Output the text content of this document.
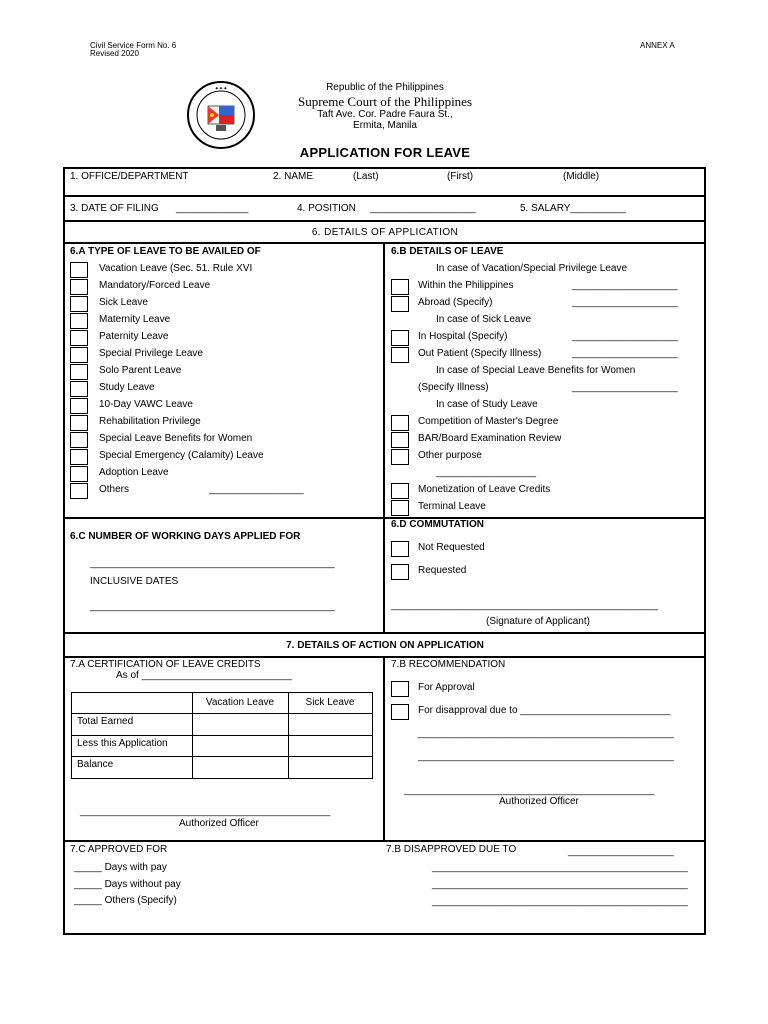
Civil Service Form No. 6
Revised 2020
ANNEX A
✦✦✦	Republic of the Philippines
Supreme Court of the Philippines
Taft Ave. Cor. Padre Faura St.,
Ermita, Manila
APPLICATION FOR LEAVE
1. OFFICE/DEPARTMENT	2. NAME	(Last)	(First)	(Middle)
3. DATE OF FILING _____________	4. POSITION ___________________	5. SALARY__________
6. DETAILS OF APPLICATION
6.A TYPE OF LEAVE TO BE AVAILED OF
Vacation Leave (Sec. 51. Rule XVI
Mandatory/Forced Leave
Sick Leave
Maternity Leave
Paternity Leave
Special Privilege Leave
Solo Parent Leave
Study Leave
10-Day VAWC Leave
Rehabilitation Privilege
Special Leave Benefits for Women
Special Emergency (Calamity) Leave
Adoption Leave
Others	_________________
6.B DETAILS OF LEAVE
In case of Vacation/Special Privilege Leave
Within the Philippines	___________________
Abroad (Specify)	___________________
In case of Sick Leave
In Hospital (Specify)	___________________
Out Patient (Specify Illness)	___________________
In case of Special Leave Benefits for Women
(Specify Illness)	___________________
In case of Study Leave
Competition of Master's Degree
BAR/Board Examination Review
Other purpose
__________________
Monetization of Leave Credits
Terminal Leave
6.C NUMBER OF WORKING DAYS APPLIED FOR
____________________________________________
INCLUSIVE DATES
____________________________________________
6.D COMMUTATION
Not Requested
Requested
________________________________________________
(Signature of Applicant)
7. DETAILS OF ACTION ON APPLICATION
7.A CERTIFICATION OF LEAVE CREDITS
As of ___________________________
Vacation Leave	Sick Leave
Total Earned
Less this Application
Balance
_____________________________________________
Authorized Officer
7.B RECOMMENDATION
For Approval
For disapproval due to ___________________________
______________________________________________
______________________________________________
_____________________________________________
Authorized Officer
7.C APPROVED FOR
_____ Days with pay
_____ Days without pay
_____ Others (Specify)
7.B DISAPPROVED DUE TO	___________________
______________________________________________
______________________________________________
______________________________________________
